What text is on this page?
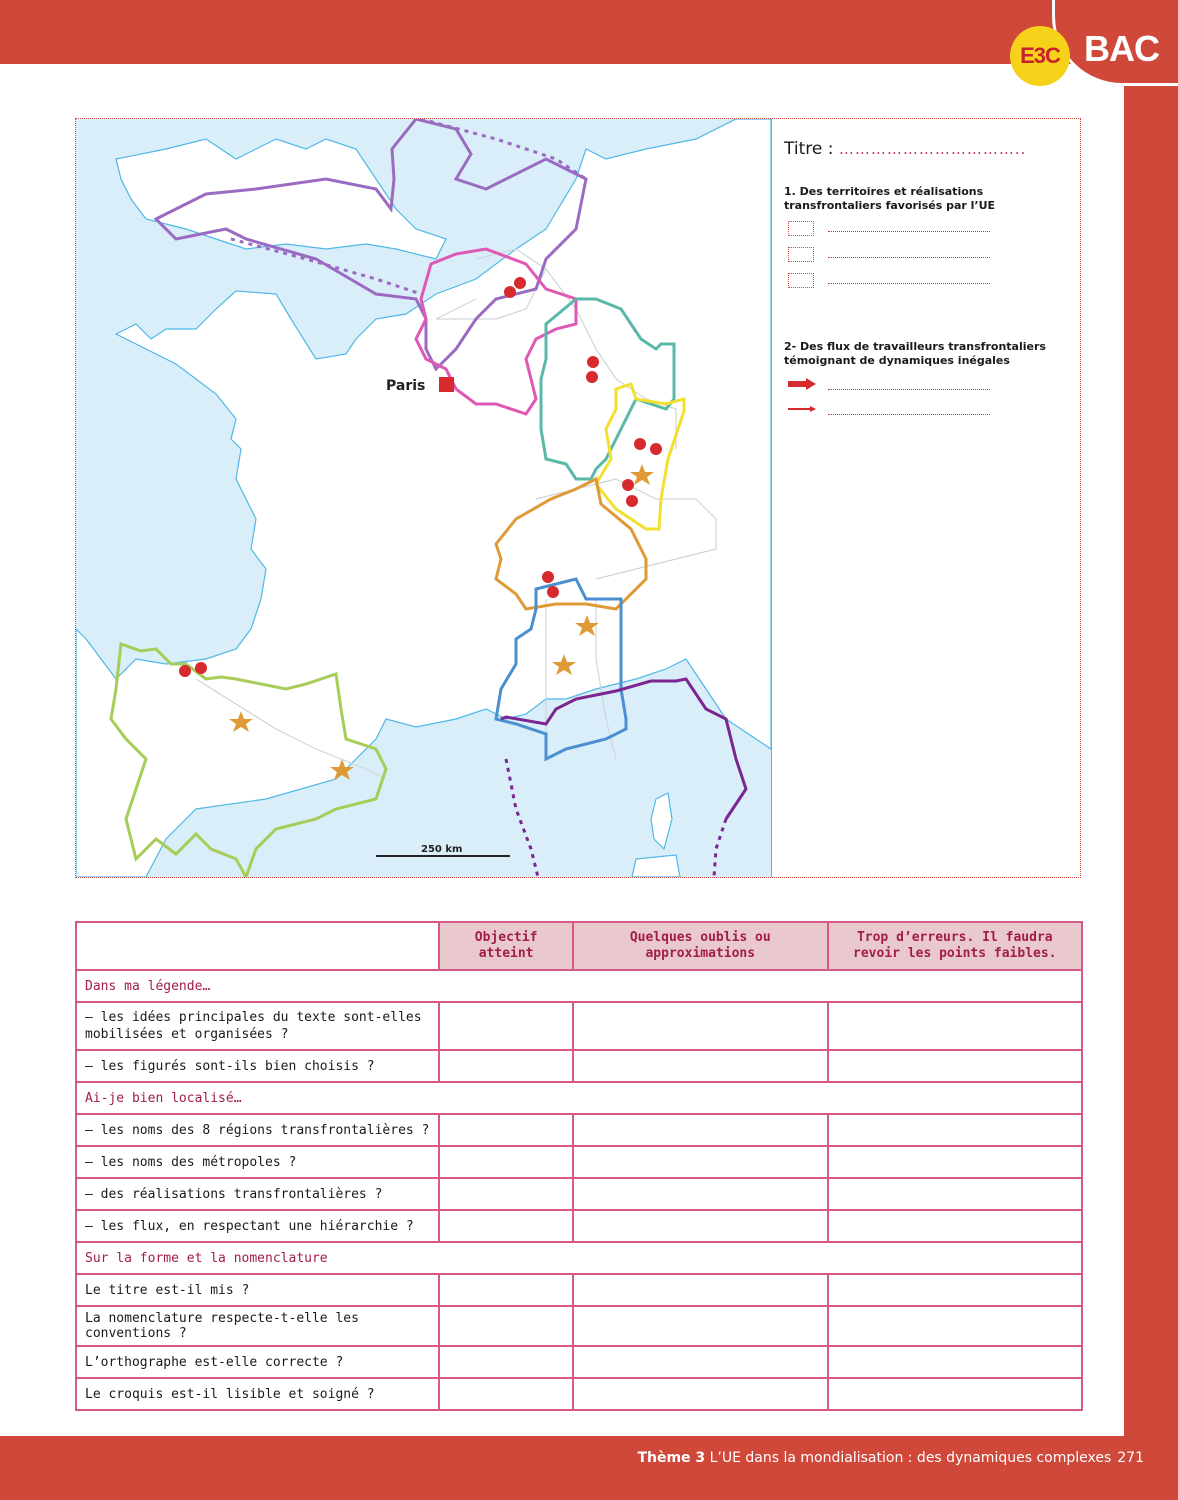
BAC
E3C
Paris
250 km
Titre : ……………………………..
1. Des territoires et réalisations transfrontaliers favorisés par l’UE
2- Des flux de travailleurs transfrontaliers témoignant de dynamiques inégales
	Objectif atteint	Quelques oublis ou approximations	Trop d’erreurs. Il faudra revoir les points faibles.
Dans ma légende…			
– les idées principales du texte sont-elles mobilisées et organisées ?			
– les figurés sont-ils bien choisis ?			
Ai-je bien localisé…			
– les noms des 8 régions transfrontalières ?			
– les noms des métropoles ?			
– des réalisations transfrontalières ?			
– les flux, en respectant une hiérarchie ?			
Sur la forme et la nomenclature			
Le titre est-il mis ?			
La nomenclature respecte-t-elle les conventions ?			
L’orthographe est-elle correcte ?			
Le croquis est-il lisible et soigné ?			
Thème 3 L’UE dans la mondialisation : des dynamiques complexes 271
